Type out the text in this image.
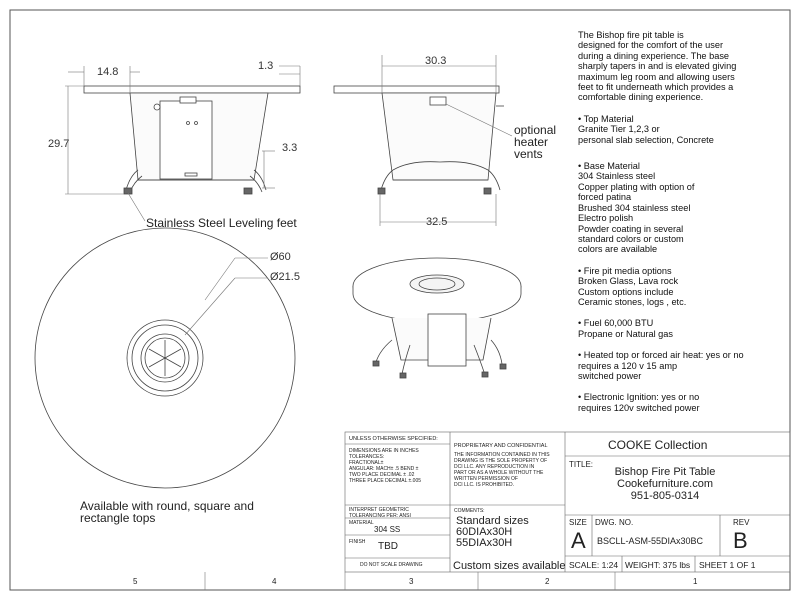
14.8	1.3
29.7	3.3
30.3
32.5
Ø60
Ø21.5
Stainless Steel Leveling feet
optional
heater
vents
Available with round, square and
rectangle tops

The Bishop fire pit table is
designed for the comfort of the user
during a dining experience. The base
sharply tapers in and is elevated giving
maximum leg room and allowing users
feet to fit underneath which provides a
comfortable dining experience.

• Top Material
Granite Tier 1,2,3 or
personal slab selection, Concrete

• Base Material
304 Stainless steel
Copper plating with option of
forced patina
Brushed 304 stainless steel
Electro polish
Powder coating in several
standard colors or custom
colors are available

• Fire pit media options
Broken Glass, Lava rock
Custom options include
Ceramic stones, logs , etc.

• Fuel 60,000 BTU
Propane or Natural gas

• Heated top or forced air heat: yes or no
requires a 120 v 15 amp
switched power

• Electronic Ignition: yes or no
requires 120v switched power

UNLESS OTHERWISE SPECIFIED:
DIMENSIONS ARE IN INCHES
TOLERANCES:
FRACTIONAL±
ANGULAR: MACH± .5 BEND ±
TWO PLACE DECIMAL ± .02
THREE PLACE DECIMAL ±.005
INTERPRET GEOMETRIC
TOLERANCING PER: ANSI
MATERIAL
304 SS
FINISH TBD
DO NOT SCALE DRAWING
PROPRIETARY AND CONFIDENTIAL
THE INFORMATION CONTAINED IN THIS
DRAWING IS THE SOLE PROPERTY OF
DCI LLC. ANY REPRODUCTION IN
PART OR AS A WHOLE WITHOUT THE
WRITTEN PERMISSION OF
DCI LLC. IS PROHIBITED.
COMMENTS:
Standard sizes
60DIAx30H
55DIAx30H
Custom sizes available
COOKE Collection
TITLE:
Bishop Fire Pit Table
Cookefurniture.com
951-805-0314
SIZE
A
DWG. NO.
BSCLL-ASM-55DIAx30BC
REV
B
SCALE: 1:24 WEIGHT: 375 lbs SHEET 1 OF 1
5	4	3	2	1
